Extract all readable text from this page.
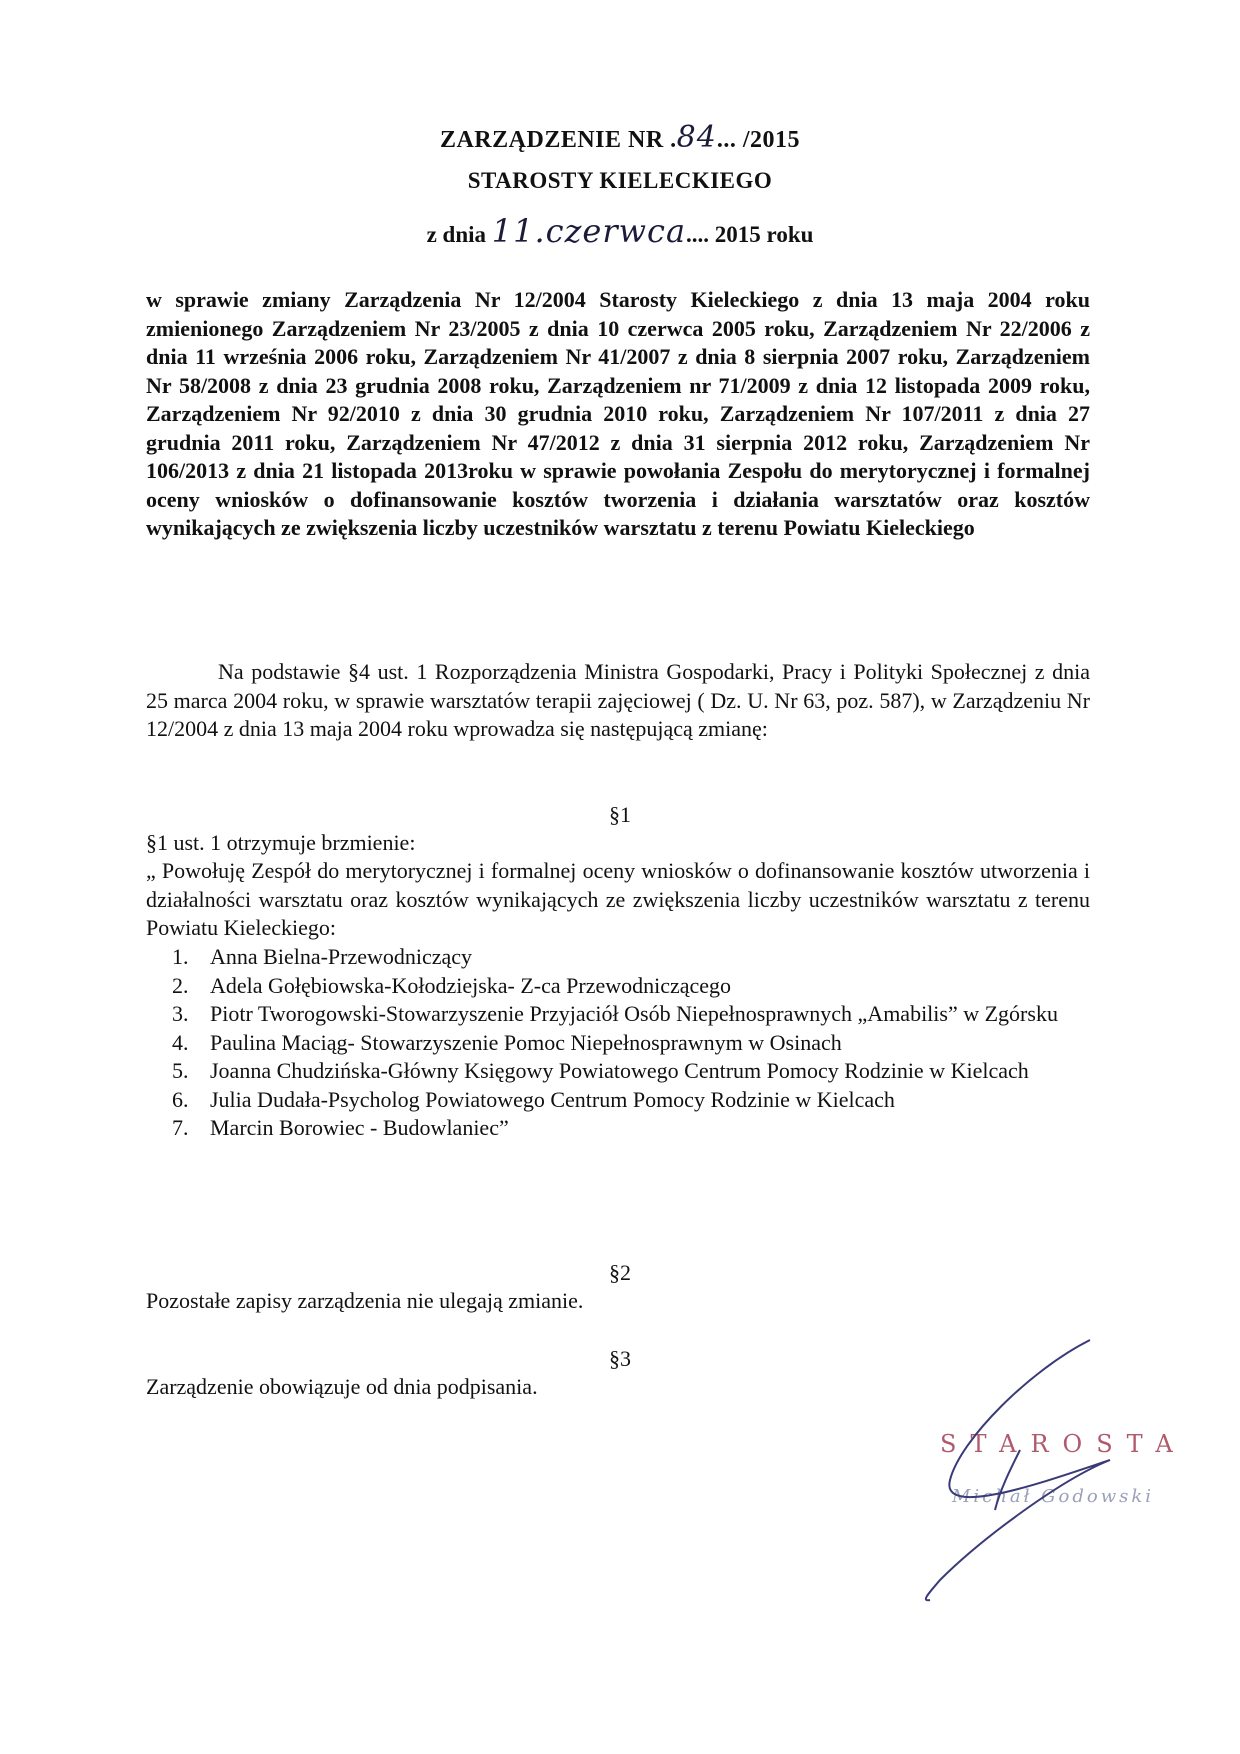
ZARZĄDZENIE NR .84... /2015
STAROSTY KIELECKIEGO
z dnia 11.czerwca.... 2015 roku
w sprawie zmiany Zarządzenia Nr 12/2004 Starosty Kieleckiego z dnia 13 maja 2004 roku zmienionego Zarządzeniem Nr 23/2005 z dnia 10 czerwca 2005 roku, Zarządzeniem Nr 22/2006 z dnia 11 września 2006 roku, Zarządzeniem Nr 41/2007 z dnia 8 sierpnia 2007 roku, Zarządzeniem Nr 58/2008 z dnia 23 grudnia 2008 roku, Zarządzeniem nr 71/2009 z dnia 12 listopada 2009 roku, Zarządzeniem Nr 92/2010 z dnia 30 grudnia 2010 roku, Zarządzeniem Nr 107/2011 z dnia 27 grudnia 2011 roku, Zarządzeniem Nr 47/2012 z dnia 31 sierpnia 2012 roku, Zarządzeniem Nr 106/2013 z dnia 21 listopada 2013roku w sprawie powołania Zespołu do merytorycznej i formalnej oceny wniosków o dofinansowanie kosztów tworzenia i działania warsztatów oraz kosztów wynikających ze zwiększenia liczby uczestników warsztatu z terenu Powiatu Kieleckiego
Na podstawie §4 ust. 1 Rozporządzenia Ministra Gospodarki, Pracy i Polityki Społecznej z dnia 25 marca 2004 roku, w sprawie warsztatów terapii zajęciowej ( Dz. U. Nr 63, poz. 587), w Zarządzeniu Nr 12/2004 z dnia 13 maja 2004 roku wprowadza się następującą zmianę:
§1
§1 ust. 1 otrzymuje brzmienie:
„ Powołuję Zespół do merytorycznej i formalnej oceny wniosków o dofinansowanie kosztów utworzenia i działalności warsztatu oraz kosztów wynikających ze zwiększenia liczby uczestników warsztatu z terenu Powiatu Kieleckiego:
1. Anna Bielna-Przewodniczący
2. Adela Gołębiowska-Kołodziejska- Z-ca Przewodniczącego
3. Piotr Tworogowski-Stowarzyszenie Przyjaciół Osób Niepełnosprawnych „Amabilis” w Zgórsku
4. Paulina Maciąg- Stowarzyszenie Pomoc Niepełnosprawnym w Osinach
5. Joanna Chudzińska-Główny Księgowy Powiatowego Centrum Pomocy Rodzinie w Kielcach
6. Julia Dudała-Psycholog Powiatowego Centrum Pomocy Rodzinie w Kielcach
7. Marcin Borowiec - Budowlaniec”
§2
Pozostałe zapisy zarządzenia nie ulegają zmianie.
§3
Zarządzenie obowiązuje od dnia podpisania.
STAROSTA
Michał Godowski
